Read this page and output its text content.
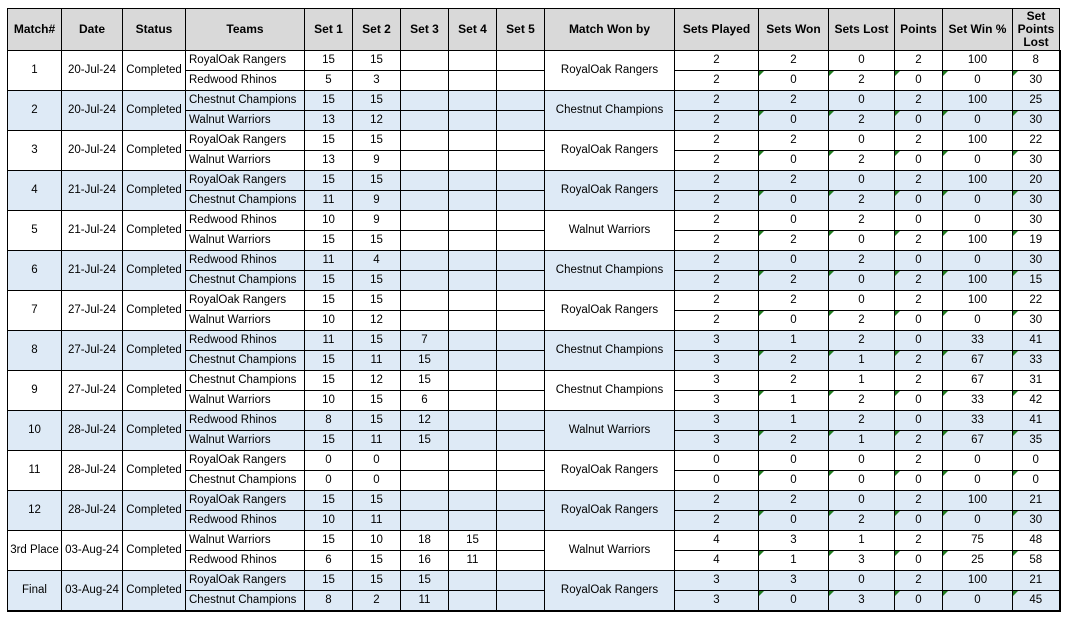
Match#	Date	Status	Teams	Set 1	Set 2	Set 3	Set 4	Set 5	Match Won by	Sets Played	Sets Won	Sets Lost	Points	Set Win %	Set Points Lost
1	20-Jul-24	Completed	RoyalOak Rangers	15	15				RoyalOak Rangers	2	2	0	2	100	8
			Redwood Rhinos	5	3					2	0	2	0	0	30
2	20-Jul-24	Completed	Chestnut Champions	15	15				Chestnut Champions	2	2	0	2	100	25
			Walnut Warriors	13	12					2	0	2	0	0	30
3	20-Jul-24	Completed	RoyalOak Rangers	15	15				RoyalOak Rangers	2	2	0	2	100	22
			Walnut Warriors	13	9					2	0	2	0	0	30
4	21-Jul-24	Completed	RoyalOak Rangers	15	15				RoyalOak Rangers	2	2	0	2	100	20
			Chestnut Champions	11	9					2	0	2	0	0	30
5	21-Jul-24	Completed	Redwood Rhinos	10	9				Walnut Warriors	2	0	2	0	0	30
			Walnut Warriors	15	15					2	2	0	2	100	19
6	21-Jul-24	Completed	Redwood Rhinos	11	4				Chestnut Champions	2	0	2	0	0	30
			Chestnut Champions	15	15					2	2	0	2	100	15
7	27-Jul-24	Completed	RoyalOak Rangers	15	15				RoyalOak Rangers	2	2	0	2	100	22
			Walnut Warriors	10	12					2	0	2	0	0	30
8	27-Jul-24	Completed	Redwood Rhinos	11	15	7			Chestnut Champions	3	1	2	0	33	41
			Chestnut Champions	15	11	15				3	2	1	2	67	33
9	27-Jul-24	Completed	Chestnut Champions	15	12	15			Chestnut Champions	3	2	1	2	67	31
			Walnut Warriors	10	15	6				3	1	2	0	33	42
10	28-Jul-24	Completed	Redwood Rhinos	8	15	12			Walnut Warriors	3	1	2	0	33	41
			Walnut Warriors	15	11	15				3	2	1	2	67	35
11	28-Jul-24	Completed	RoyalOak Rangers	0	0				RoyalOak Rangers	0	0	0	2	0	0
			Chestnut Champions	0	0					0	0	0	0	0	0
12	28-Jul-24	Completed	RoyalOak Rangers	15	15				RoyalOak Rangers	2	2	0	2	100	21
			Redwood Rhinos	10	11					2	0	2	0	0	30
3rd Place	03-Aug-24	Completed	Walnut Warriors	15	10	18	15		Walnut Warriors	4	3	1	2	75	48
			Redwood Rhinos	6	15	16	11			4	1	3	0	25	58
Final	03-Aug-24	Completed	RoyalOak Rangers	15	15	15			RoyalOak Rangers	3	3	0	2	100	21
			Chestnut Champions	8	2	11				3	0	3	0	0	45
